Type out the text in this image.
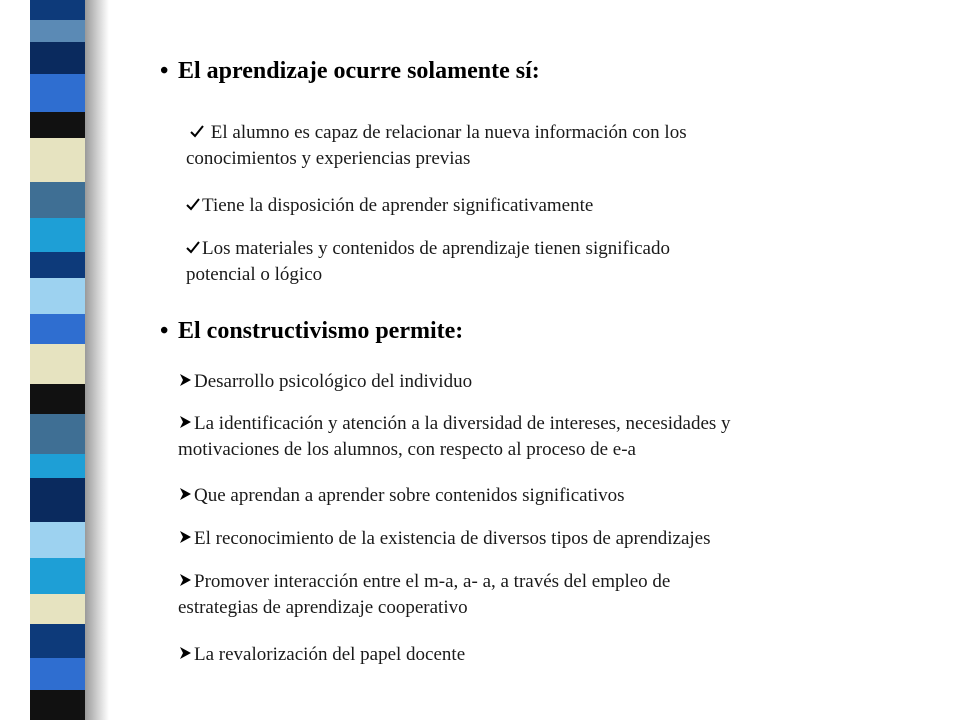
• El aprendizaje ocurre solamente sí:
El alumno es capaz de relacionar la nueva información con los
conocimientos y experiencias previas
Tiene la disposición de aprender significativamente
Los materiales y contenidos de aprendizaje tienen significado
potencial o lógico
• El constructivismo permite:
Desarrollo psicológico del individuo
La identificación y atención a la diversidad de intereses, necesidades y
motivaciones de los alumnos, con respecto al proceso de e-a
Que aprendan a aprender sobre contenidos significativos
El reconocimiento de la existencia de diversos tipos de aprendizajes
Promover interacción entre el m-a, a- a, a través del empleo de
estrategias de aprendizaje cooperativo
La revalorización del papel docente
